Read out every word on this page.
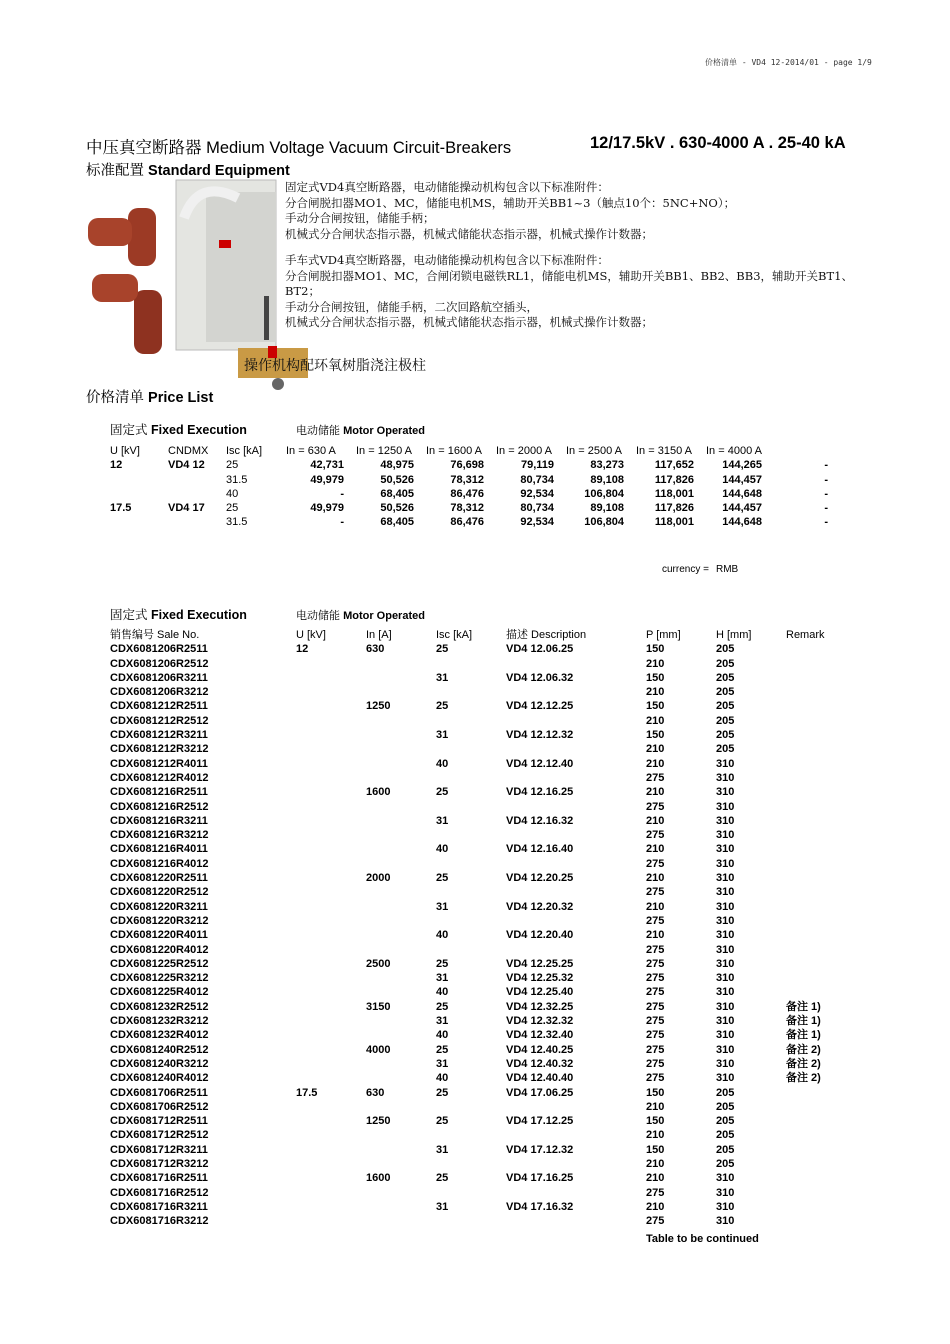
价格清单 - VD4 12-2014/01 - page 1/9
中压真空断路器 Medium Voltage Vacuum Circuit-Breakers	12/17.5kV . 630-4000 A . 25-40 kA
标准配置 Standard Equipment
固定式VD4真空断路器，电动储能操动机构包含以下标准附件：
分合闸脱扣器MO1、MC，储能电机MS，辅助开关BB1~3（触点10个：5NC+NO）；
手动分合闸按钮，储能手柄；
机械式分合闸状态指示器，机械式储能状态指示器，机械式操作计数器；
手车式VD4真空断路器，电动储能操动机构包含以下标准附件：
分合闸脱扣器MO1、MC，合闸闭锁电磁铁RL1，储能电机MS，辅助开关BB1、BB2、BB3，辅助开关BT1、
BT2；
手动分合闸按钮，储能手柄，二次回路航空插头，
机械式分合闸状态指示器，机械式储能状态指示器，机械式操作计数器；
操作机构配环氧树脂浇注极柱
价格清单 Price List
固定式 Fixed Execution	电动储能 Motor Operated
U [kV]	CNDMX	Isc [kA]	In = 630 A	In = 1250 A	In = 1600 A	In = 2000 A	In = 2500 A	In = 3150 A	In = 4000 A	
12	VD4 12	25	42,731	48,975	76,698	79,119	83,273	117,652	144,265	-
		31.5	49,979	50,526	78,312	80,734	89,108	117,826	144,457	-
		40	-	68,405	86,476	92,534	106,804	118,001	144,648	-
17.5	VD4 17	25	49,979	50,526	78,312	80,734	89,108	117,826	144,457	-
		31.5	-	68,405	86,476	92,534	106,804	118,001	144,648	-
currency = RMB
固定式 Fixed Execution	电动储能 Motor Operated
销售编号 Sale No.	U [kV]	In [A]	Isc [kA]	描述 Description	P [mm]	H [mm]	Remark
CDX6081206R2511	12	630	25	VD4 12.06.25	150	205	
CDX6081206R2512					210	205	
CDX6081206R3211			31	VD4 12.06.32	150	205	
CDX6081206R3212					210	205	
CDX6081212R2511		1250	25	VD4 12.12.25	150	205	
CDX6081212R2512					210	205	
CDX6081212R3211			31	VD4 12.12.32	150	205	
CDX6081212R3212					210	205	
CDX6081212R4011			40	VD4 12.12.40	210	310	
CDX6081212R4012					275	310	
CDX6081216R2511		1600	25	VD4 12.16.25	210	310	
CDX6081216R2512					275	310	
CDX6081216R3211			31	VD4 12.16.32	210	310	
CDX6081216R3212					275	310	
CDX6081216R4011			40	VD4 12.16.40	210	310	
CDX6081216R4012					275	310	
CDX6081220R2511		2000	25	VD4 12.20.25	210	310	
CDX6081220R2512					275	310	
CDX6081220R3211			31	VD4 12.20.32	210	310	
CDX6081220R3212					275	310	
CDX6081220R4011			40	VD4 12.20.40	210	310	
CDX6081220R4012					275	310	
CDX6081225R2512		2500	25	VD4 12.25.25	275	310	
CDX6081225R3212			31	VD4 12.25.32	275	310	
CDX6081225R4012			40	VD4 12.25.40	275	310	
CDX6081232R2512		3150	25	VD4 12.32.25	275	310	备注 1)
CDX6081232R3212			31	VD4 12.32.32	275	310	备注 1)
CDX6081232R4012			40	VD4 12.32.40	275	310	备注 1)
CDX6081240R2512		4000	25	VD4 12.40.25	275	310	备注 2)
CDX6081240R3212			31	VD4 12.40.32	275	310	备注 2)
CDX6081240R4012			40	VD4 12.40.40	275	310	备注 2)
CDX6081706R2511	17.5	630	25	VD4 17.06.25	150	205	
CDX6081706R2512					210	205	
CDX6081712R2511		1250	25	VD4 17.12.25	150	205	
CDX6081712R2512					210	205	
CDX6081712R3211			31	VD4 17.12.32	150	205	
CDX6081712R3212					210	205	
CDX6081716R2511		1600	25	VD4 17.16.25	210	310	
CDX6081716R2512					275	310	
CDX6081716R3211			31	VD4 17.16.32	210	310	
CDX6081716R3212					275	310	
Table to be continued
